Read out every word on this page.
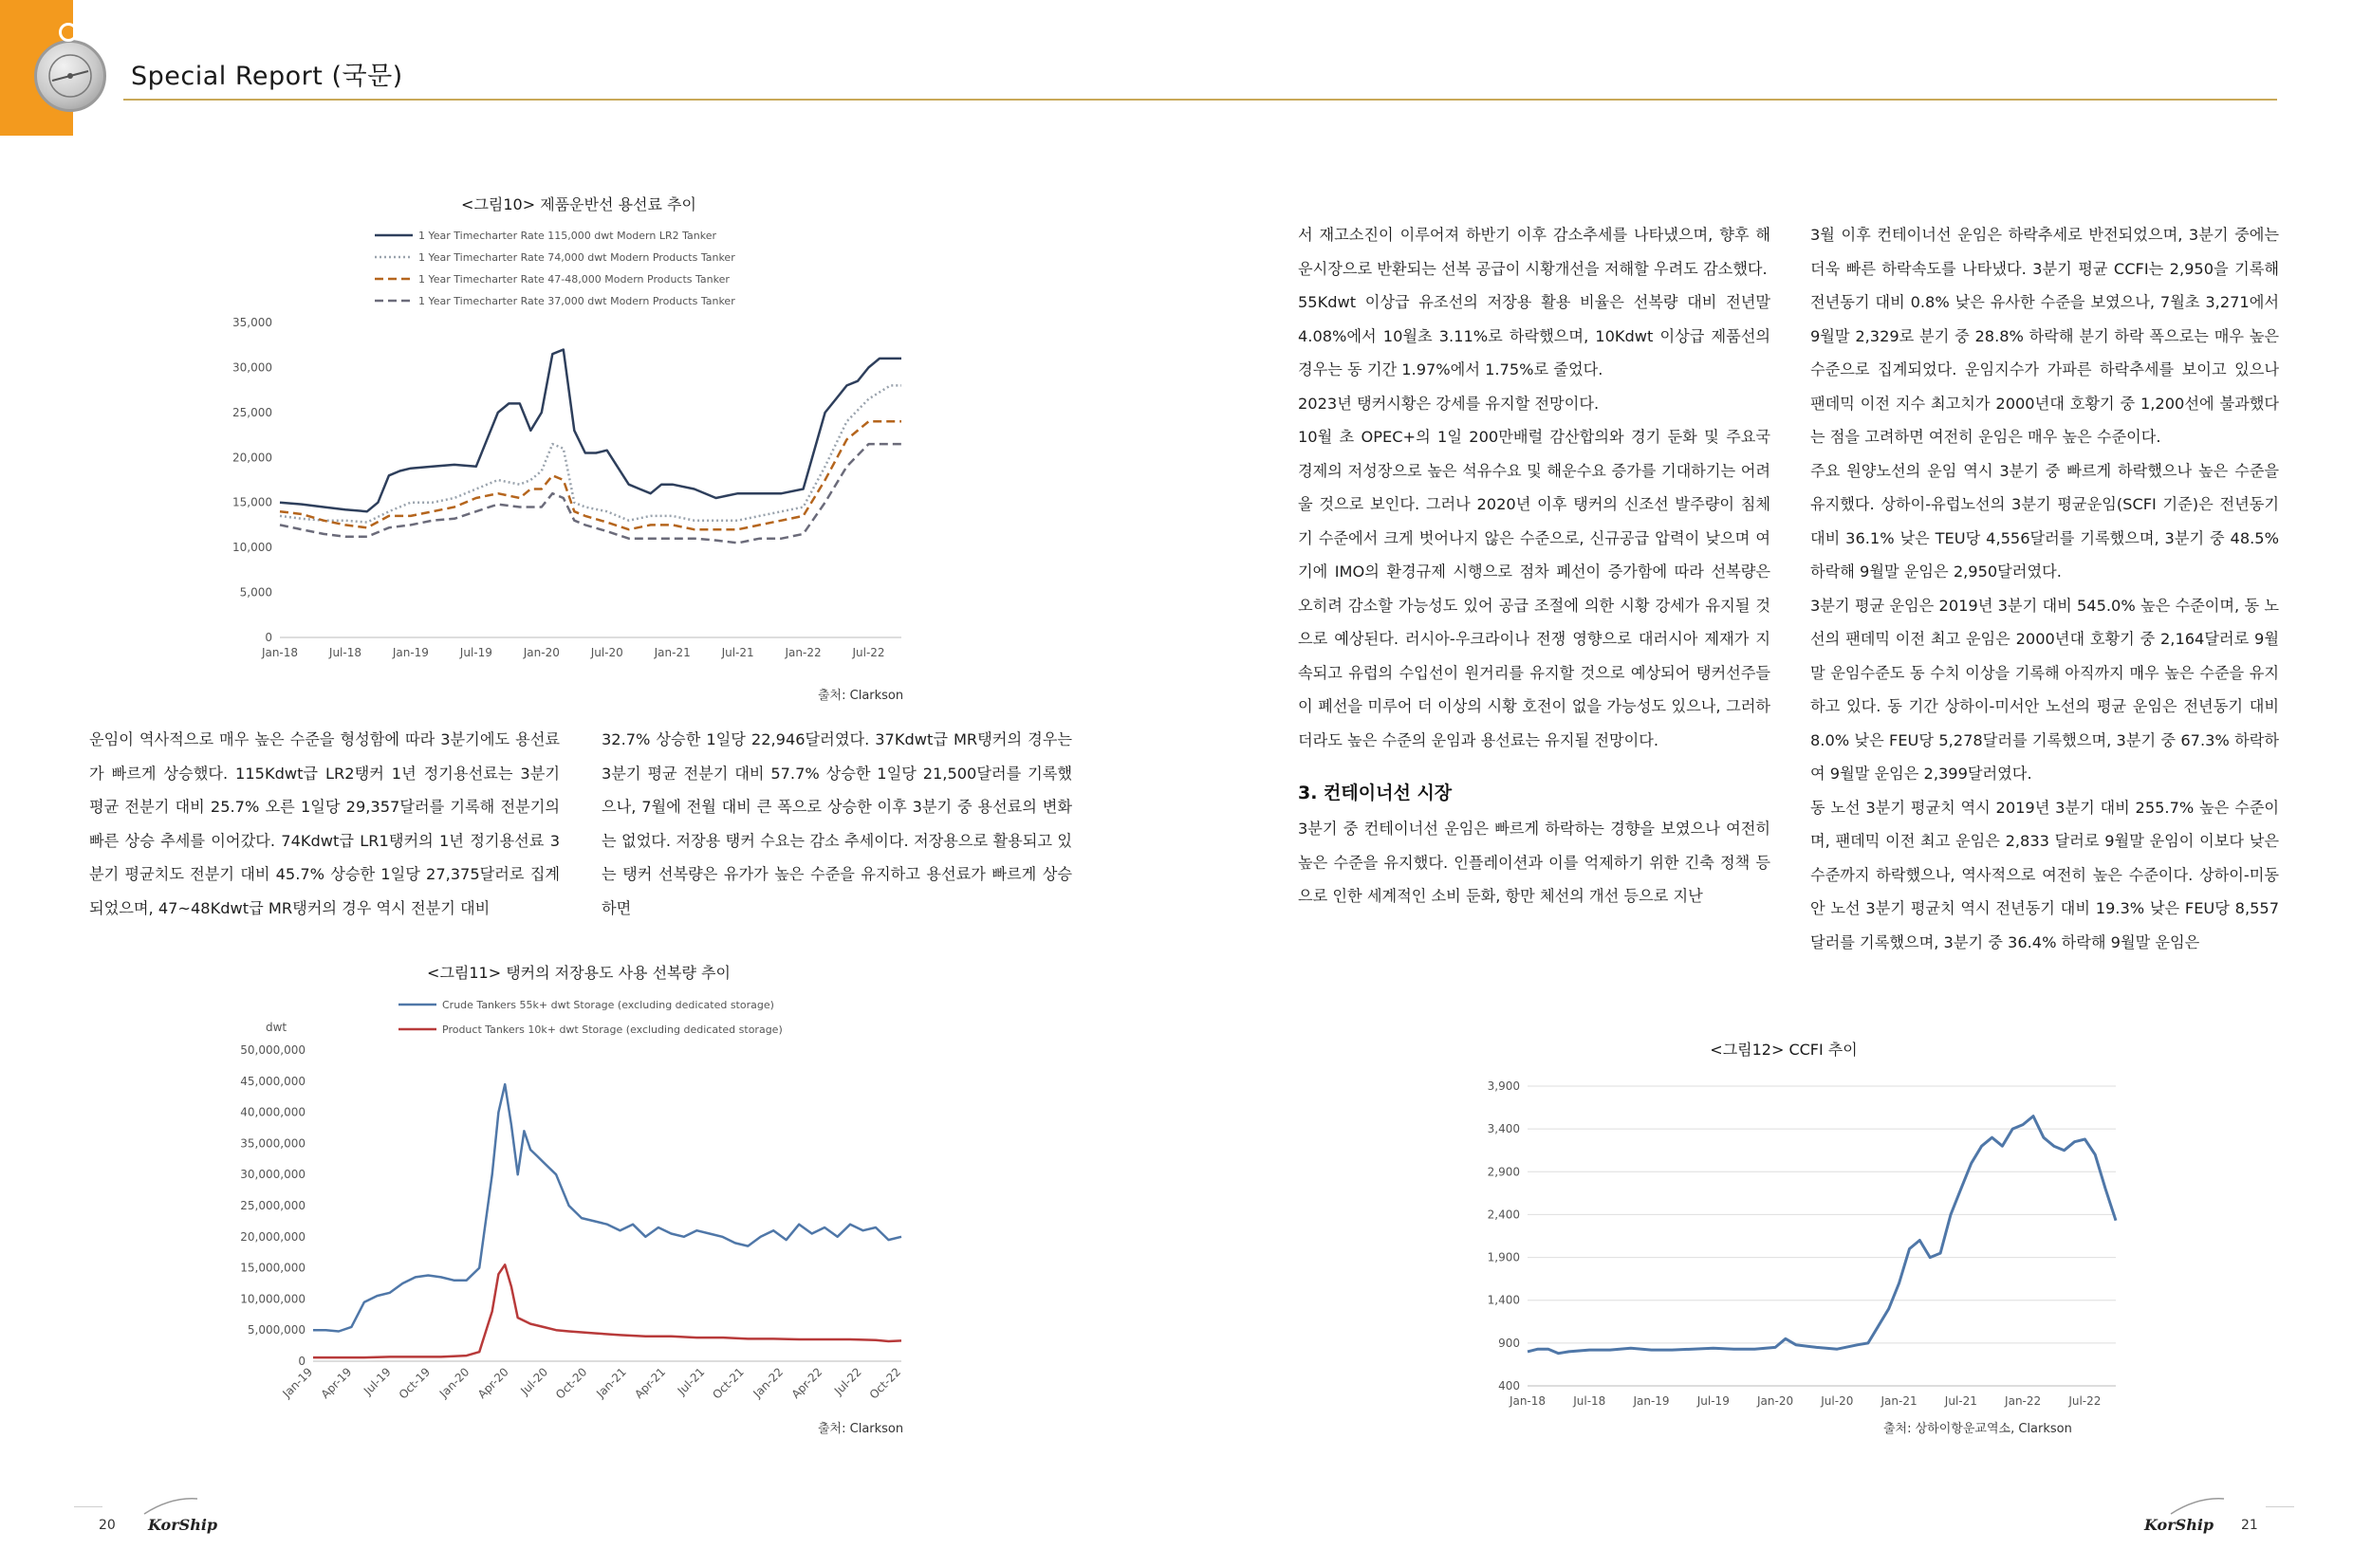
Special Report (국문)
<그림10> 제품운반선 용선료 추이
1 Year Timecharter Rate 115,000 dwt Modern LR2 Tanker
1 Year Timecharter Rate 74,000 dwt Modern Products Tanker
1 Year Timecharter Rate 47-48,000 Modern Products Tanker
1 Year Timecharter Rate 37,000 dwt Modern Products Tanker
0
5,000
10,000
15,000
20,000
25,000
30,000
35,000
Jan-18	Jul-18	Jan-19	Jul-19	Jan-20	Jul-20	Jan-21	Jul-21	Jan-22	Jul-22
출처: Clarkson

운임이 역사적으로 매우 높은 수준을 형성함에 따라 3분기에도 용선료가 빠르게 상승했다. 115Kdwt급 LR2탱커 1년 정기용선료는 3분기 평균 전분기 대비 25.7% 오른 1일당 29,357달러를 기록해 전분기의 빠른 상승 추세를 이어갔다. 74Kdwt급 LR1탱커의 1년 정기용선료 3분기 평균치도 전분기 대비 45.7% 상승한 1일당 27,375달러로 집계되었으며, 47~48Kdwt급 MR탱커의 경우 역시 전분기 대비

32.7% 상승한 1일당 22,946달러였다. 37Kdwt급 MR탱커의 경우는 3분기 평균 전분기 대비 57.7% 상승한 1일당 21,500달러를 기록했으나, 7월에 전월 대비 큰 폭으로 상승한 이후 3분기 중 용선료의 변화는 없었다. 저장용 탱커 수요는 감소 추세이다. 저장용으로 활용되고 있는 탱커 선복량은 유가가 높은 수준을 유지하고 용선료가 빠르게 상승하면

<그림11> 탱커의 저장용도 사용 선복량 추이
Crude Tankers 55k+ dwt Storage (excluding dedicated storage)
Product Tankers 10k+ dwt Storage (excluding dedicated storage)
dwt
0
5,000,000
10,000,000
15,000,000
20,000,000
25,000,000
30,000,000
35,000,000
40,000,000
45,000,000
50,000,000
Jan-19 Apr-19 Jul-19 Oct-19 Jan-20 Apr-20 Jul-20 Oct-20 Jan-21 Apr-21 Jul-21 Oct-21 Jan-22 Apr-22 Jul-22 Oct-22
출처: Clarkson

서 재고소진이 이루어져 하반기 이후 감소추세를 나타냈으며, 향후 해운시장으로 반환되는 선복 공급이 시황개선을 저해할 우려도 감소했다.

55Kdwt 이상급 유조선의 저장용 활용 비율은 선복량 대비 전년말 4.08%에서 10월초 3.11%로 하락했으며, 10Kdwt 이상급 제품선의 경우는 동 기간 1.97%에서 1.75%로 줄었다.

2023년 탱커시황은 강세를 유지할 전망이다.

10월 초 OPEC+의 1일 200만배럴 감산합의와 경기 둔화 및 주요국 경제의 저성장으로 높은 석유수요 및 해운수요 증가를 기대하기는 어려울 것으로 보인다. 그러나 2020년 이후 탱커의 신조선 발주량이 침체기 수준에서 크게 벗어나지 않은 수준으로, 신규공급 압력이 낮으며 여기에 IMO의 환경규제 시행으로 점차 폐선이 증가함에 따라 선복량은 오히려 감소할 가능성도 있어 공급 조절에 의한 시황 강세가 유지될 것으로 예상된다. 러시아-우크라이나 전쟁 영향으로 대러시아 제재가 지속되고 유럽의 수입선이 원거리를 유지할 것으로 예상되어 탱커선주들이 폐선을 미루어 더 이상의 시황 호전이 없을 가능성도 있으나, 그러하더라도 높은 수준의 운임과 용선료는 유지될 전망이다.

3. 컨테이너선 시장

3분기 중 컨테이너선 운임은 빠르게 하락하는 경향을 보였으나 여전히 높은 수준을 유지했다. 인플레이션과 이를 억제하기 위한 긴축 정책 등으로 인한 세계적인 소비 둔화, 항만 체선의 개선 등으로 지난

3월 이후 컨테이너선 운임은 하락추세로 반전되었으며, 3분기 중에는 더욱 빠른 하락속도를 나타냈다. 3분기 평균 CCFI는 2,950을 기록해 전년동기 대비 0.8% 낮은 유사한 수준을 보였으나, 7월초 3,271에서 9월말 2,329로 분기 중 28.8% 하락해 분기 하락 폭으로는 매우 높은 수준으로 집계되었다. 운임지수가 가파른 하락추세를 보이고 있으나 팬데믹 이전 지수 최고치가 2000년대 호황기 중 1,200선에 불과했다는 점을 고려하면 여전히 운임은 매우 높은 수준이다.

주요 원양노선의 운임 역시 3분기 중 빠르게 하락했으나 높은 수준을 유지했다. 상하이-유럽노선의 3분기 평균운임(SCFI 기준)은 전년동기 대비 36.1% 낮은 TEU당 4,556달러를 기록했으며, 3분기 중 48.5% 하락해 9월말 운임은 2,950달러였다.

3분기 평균 운임은 2019년 3분기 대비 545.0% 높은 수준이며, 동 노선의 팬데믹 이전 최고 운임은 2000년대 호황기 중 2,164달러로 9월말 운임수준도 동 수치 이상을 기록해 아직까지 매우 높은 수준을 유지하고 있다. 동 기간 상하이-미서안 노선의 평균 운임은 전년동기 대비 8.0% 낮은 FEU당 5,278달러를 기록했으며, 3분기 중 67.3% 하락하여 9월말 운임은 2,399달러였다.

동 노선 3분기 평균치 역시 2019년 3분기 대비 255.7% 높은 수준이며, 팬데믹 이전 최고 운임은 2,833 달러로 9월말 운임이 이보다 낮은 수준까지 하락했으나, 역사적으로 여전히 높은 수준이다. 상하이-미동안 노선 3분기 평균치 역시 전년동기 대비 19.3% 낮은 FEU당 8,557달러를 기록했으며, 3분기 중 36.4% 하락해 9월말 운임은

<그림12> CCFI 추이
400
900
1,400
1,900
2,400
2,900
3,400
3,900
Jan-18 Jul-18 Jan-19 Jul-19 Jan-20 Jul-20 Jan-21 Jul-21 Jan-22 Jul-22
출처: 상하이항운교역소, Clarkson
20 KorShip	KorShip 21
